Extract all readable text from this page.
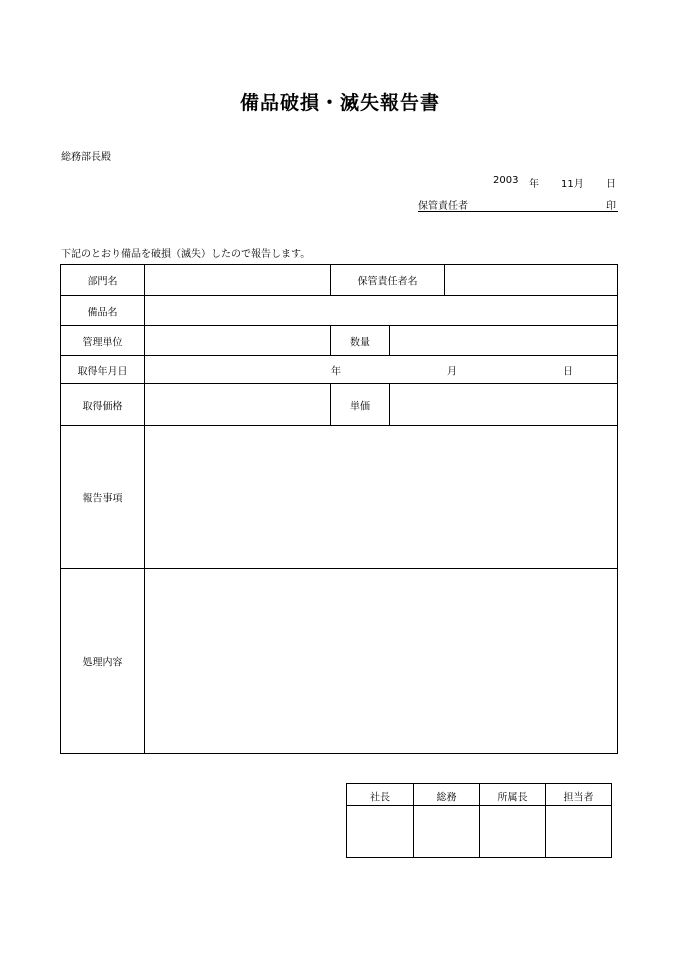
備品破損・滅失報告書
総務部長殿
2003 年 11月 日
保管責任者	印
下記のとおり備品を破損（滅失）したので報告します。
部門名	保管責任者名
備品名
管理単位	数量
取得年月日	年	月	日
取得価格	単価
報告事項
処理内容
社長	総務	所属長	担当者
